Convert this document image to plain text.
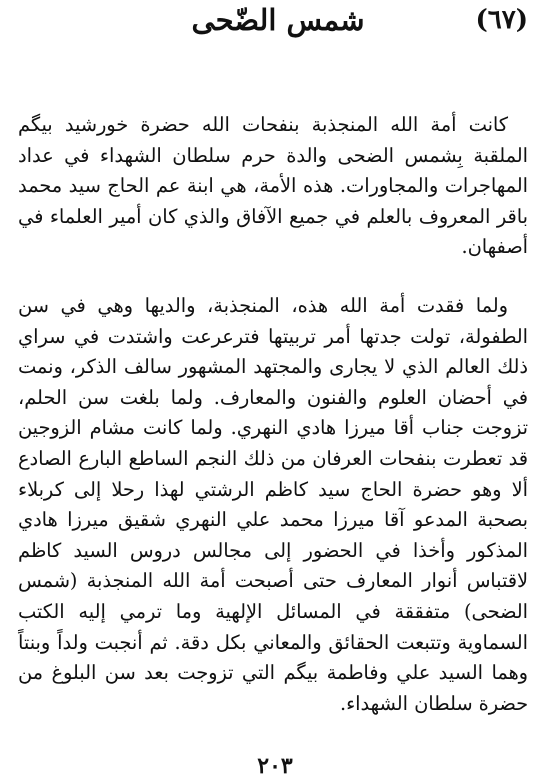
(٦٧)
شمس الضّحى

كانت أمة الله المنجذبة بنفحات الله حضرة خورشيد بيگم الملقبة بِشمس الضحى والدة حرم سلطان الشهداء في عداد المهاجرات والمجاورات. هذه الأمة، هي ابنة عم الحاج سيد محمد باقر المعروف بالعلم في جميع الآفاق والذي كان أمير العلماء في أصفهان.

ولما فقدت أمة الله هذه، المنجذبة، والديها وهي في سن الطفولة، تولت جدتها أمر تربيتها فترعرعت واشتدت في سراي ذلك العالم الذي لا يجارى والمجتهد المشهور سالف الذكر، ونمت في أحضان العلوم والفنون والمعارف. ولما بلغت سن الحلم، تزوجت جناب أقا ميرزا هادي النهري. ولما كانت مشام الزوجين قد تعطرت بنفحات العرفان من ذلك النجم الساطع البارع الصادع ألا وهو حضرة الحاج سيد كاظم الرشتي لهذا رحلا إلى كربلاء بصحبة المدعو آقا ميرزا محمد علي النهري شقيق ميرزا هادي المذكور وأخذا في الحضور إلى مجالس دروس السيد كاظم لاقتباس أنوار المعارف حتى أصبحت أمة الله المنجذبة (شمس الضحى) متفققة في المسائل الإلهية وما ترمي إليه الكتب السماوية وتتبعت الحقائق والمعاني بكل دقة. ثم أنجبت ولداً وبنتاً وهما السيد علي وفاطمة بيگم التي تزوجت بعد سن البلوغ من حضرة سلطان الشهداء.

٢٠٣
